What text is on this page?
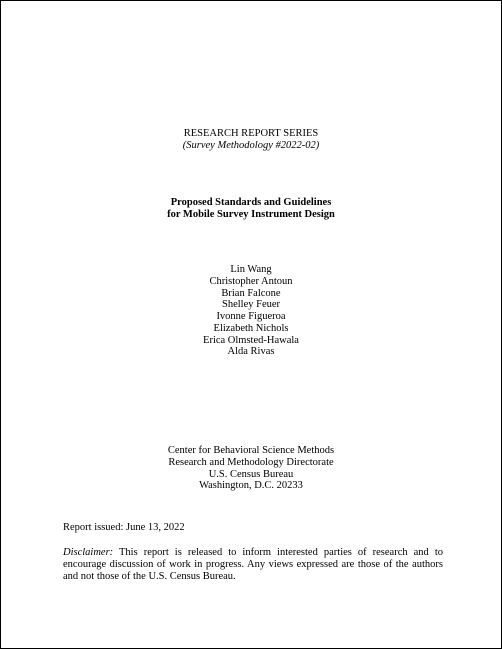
RESEARCH REPORT SERIES
(Survey Methodology #2022-02)
Proposed Standards and Guidelines
for Mobile Survey Instrument Design
Lin Wang
Christopher Antoun
Brian Falcone
Shelley Feuer
Ivonne Figueroa
Elizabeth Nichols
Erica Olmsted-Hawala
Alda Rivas
Center for Behavioral Science Methods
Research and Methodology Directorate
U.S. Census Bureau
Washington, D.C. 20233
Report issued: June 13, 2022
Disclaimer: This report is released to inform interested parties of research and to encourage discussion of work in progress. Any views expressed are those of the authors and not those of the U.S. Census Bureau.
